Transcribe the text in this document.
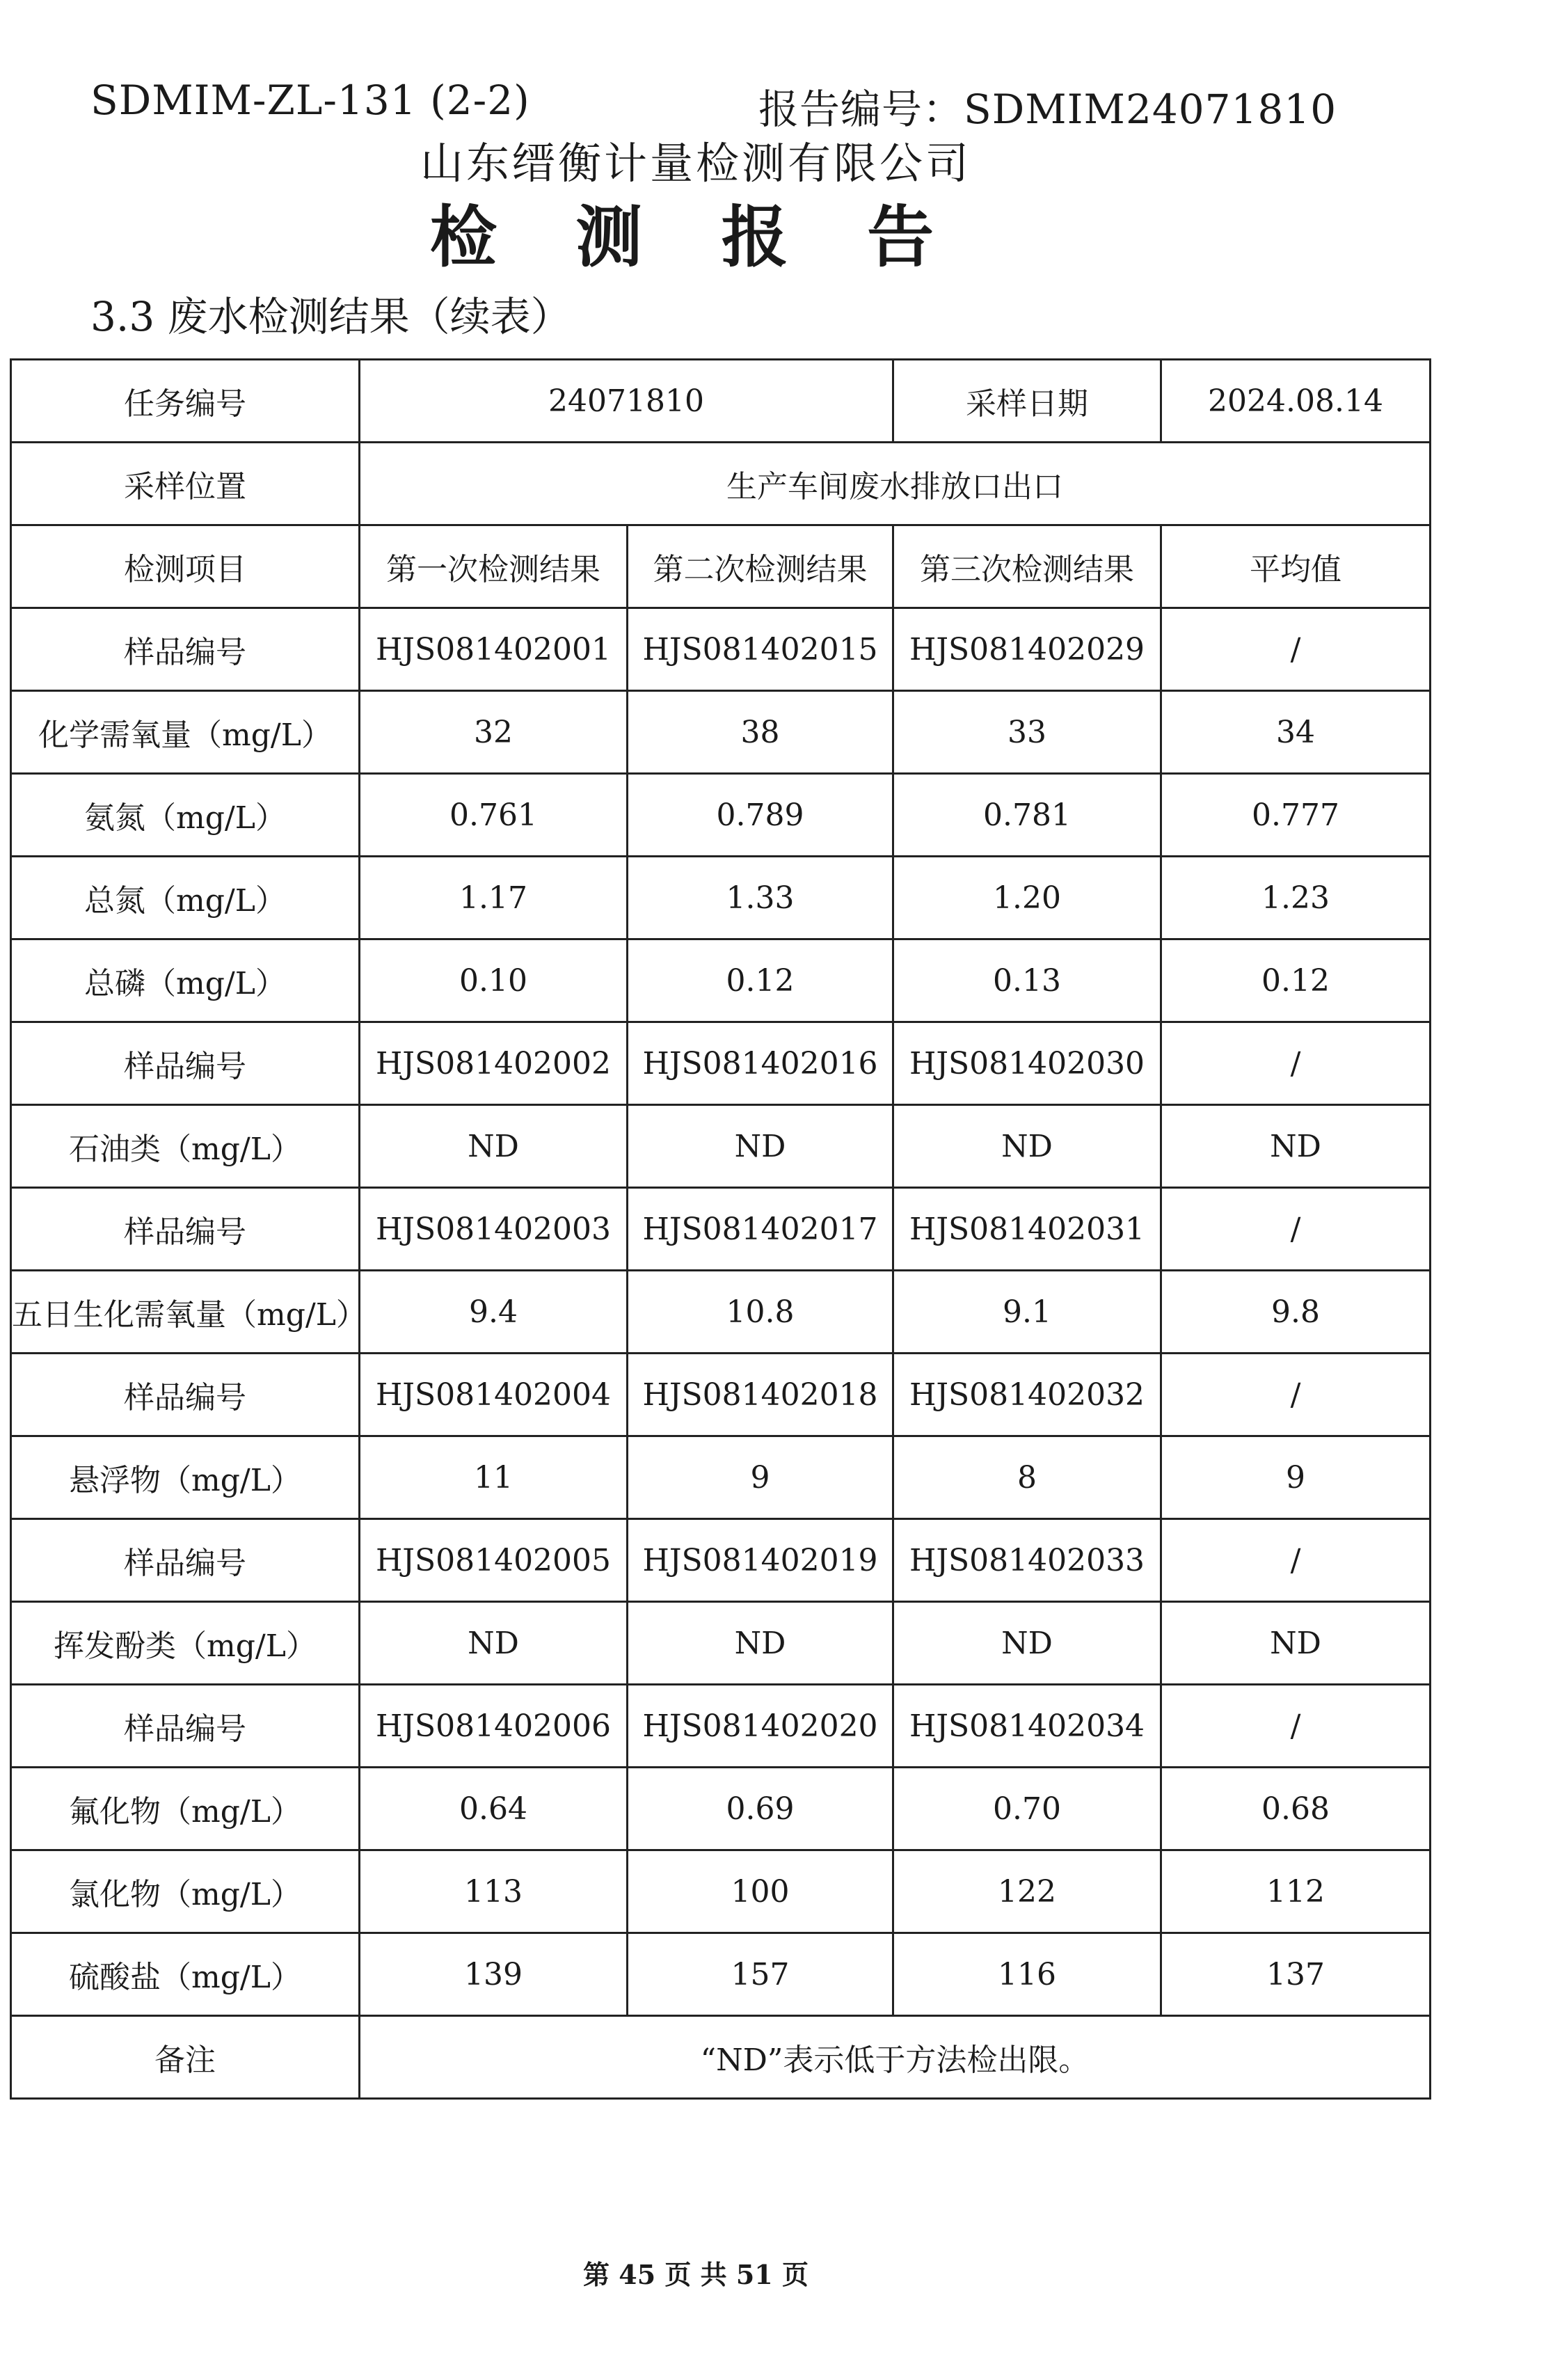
SDMIM-ZL-131 (2-2)	报告编号：SDMIM24071810
山东缙衡计量检测有限公司
检 测 报 告
3.3 废水检测结果（续表）
任务编号	24071810		采样日期	2024.08.14
采样位置	生产车间废水排放口出口			
检测项目	第一次检测结果	第二次检测结果	第三次检测结果	平均值
样品编号	HJS081402001	HJS081402015	HJS081402029	/
化学需氧量（mg/L）	32	38	33	34
氨氮（mg/L）	0.761	0.789	0.781	0.777
总氮（mg/L）	1.17	1.33	1.20	1.23
总磷（mg/L）	0.10	0.12	0.13	0.12
样品编号	HJS081402002	HJS081402016	HJS081402030	/
石油类（mg/L）	ND	ND	ND	ND
样品编号	HJS081402003	HJS081402017	HJS081402031	/
五日生化需氧量（mg/L）	9.4	10.8	9.1	9.8
样品编号	HJS081402004	HJS081402018	HJS081402032	/
悬浮物（mg/L）	11	9	8	9
样品编号	HJS081402005	HJS081402019	HJS081402033	/
挥发酚类（mg/L）	ND	ND	ND	ND
样品编号	HJS081402006	HJS081402020	HJS081402034	/
氟化物（mg/L）	0.64	0.69	0.70	0.68
氯化物（mg/L）	113	100	122	112
硫酸盐（mg/L）	139	157	116	137
备注	“ND”表示低于方法检出限。			
第 45 页 共 51 页
